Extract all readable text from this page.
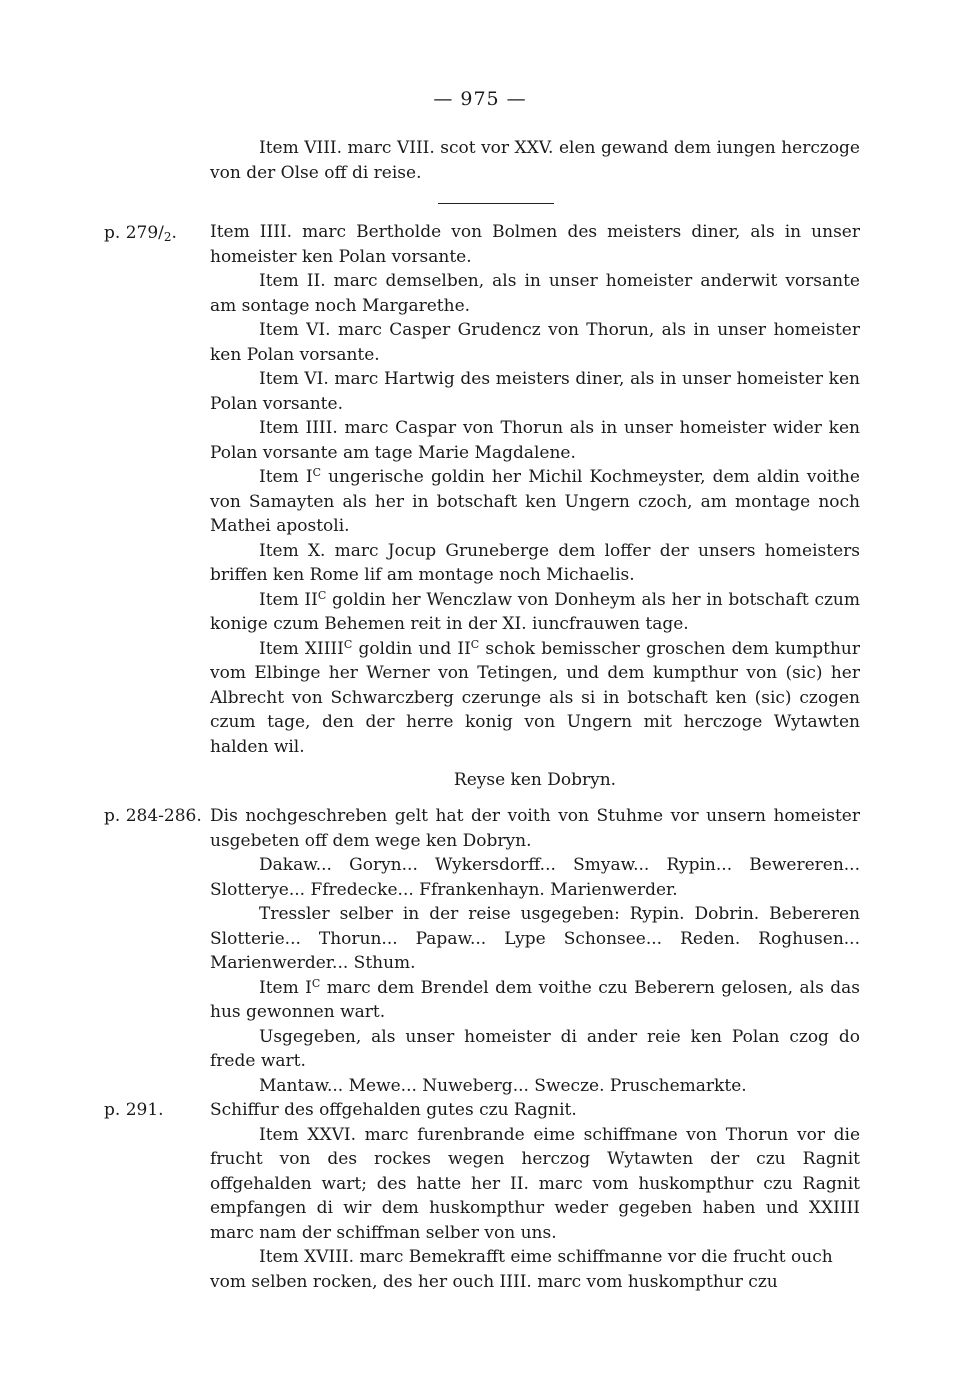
— 975 —

Item VIII. marc VIII. scot vor XXV. elen gewand dem iungen herczoge von der Olse off di reise.

p. 279/2. Item IIII. marc Bertholde von Bolmen des meisters diner, als in unser homeister ken Polan vorsante.

Item II. marc demselben, als in unser homeister anderwit vorsante am sontage noch Margarethe.

Item VI. marc Casper Grudencz von Thorun, als in unser homeister ken Polan vorsante.

Item VI. marc Hartwig des meisters diner, als in unser homeister ken Polan vorsante.

Item IIII. marc Caspar von Thorun als in unser homeister wider ken Polan vorsante am tage Marie Magdalene.

Item $I^C$ ungerische goldin her Michil Kochmeyster, dem aldin voithe von Samayten als her in botschaft ken Ungern czoch, am montage noch Mathei apostoli.

Item X. marc Jocup Gruneberge dem loffer der unsers homeisters briffen ken Rome lif am montage noch Michaelis.

Item $II^C$ goldin her Wenczlaw von Donheym als her in botschaft czum konige czum Behemen reit in der XI. iuncfrauwen tage.

Item $XIIII^C$ goldin und $II^C$ schok bemisscher groschen dem kumpthur vom Elbinge her Werner von Tetingen, und dem kumpthur von (sic) her Albrecht von Schwarczberg czerunge als si in botschaft ken (sic) czogen czum tage, den der herre konig von Ungern mit herczoge Wytawten halden wil.

Reyse ken Dobryn.
p. 284-286. Dis nochgeschreben gelt hat der voith von Stuhme vor unsern homeister usgebeten off dem wege ken Dobryn.

Dakaw... Goryn... Wykersdorff... Smyaw... Rypin... Bewereren... Slotterye... Ffredecke... Ffrankenhayn. Marienwerder.

Tressler selber in der reise usgegeben: Rypin. Dobrin. Bebereren Slotterie... Thorun... Papaw... Lype Schonsee... Reden. Roghusen... Marienwerder... Sthum.

Item $I^C$ marc dem Brendel dem voithe czu Beberern gelosen, als das hus gewonnen wart.

Usgegeben, als unser homeister di ander reie ken Polan czog do frede wart.

Mantaw... Mewe... Nuweberg... Swecze. Pruschemarkte.

p. 291.	Schiffur des offgehalden gutes czu Ragnit.

Item XXVI. marc furenbrande eime schiffmane von Thorun vor die frucht von des rockes wegen herczog Wytawten der czu Ragnit offgehalden wart; des hatte her II. marc vom huskompthur czu Ragnit empfangen di wir dem huskompthur weder gegeben haben und XXIIII marc nam der schiffman selber von uns.

Item XVIII. marc Bemekrafft eime schiffmanne vor die frucht ouch vom selben rocken, des her ouch IIII. marc vom huskompthur czu
